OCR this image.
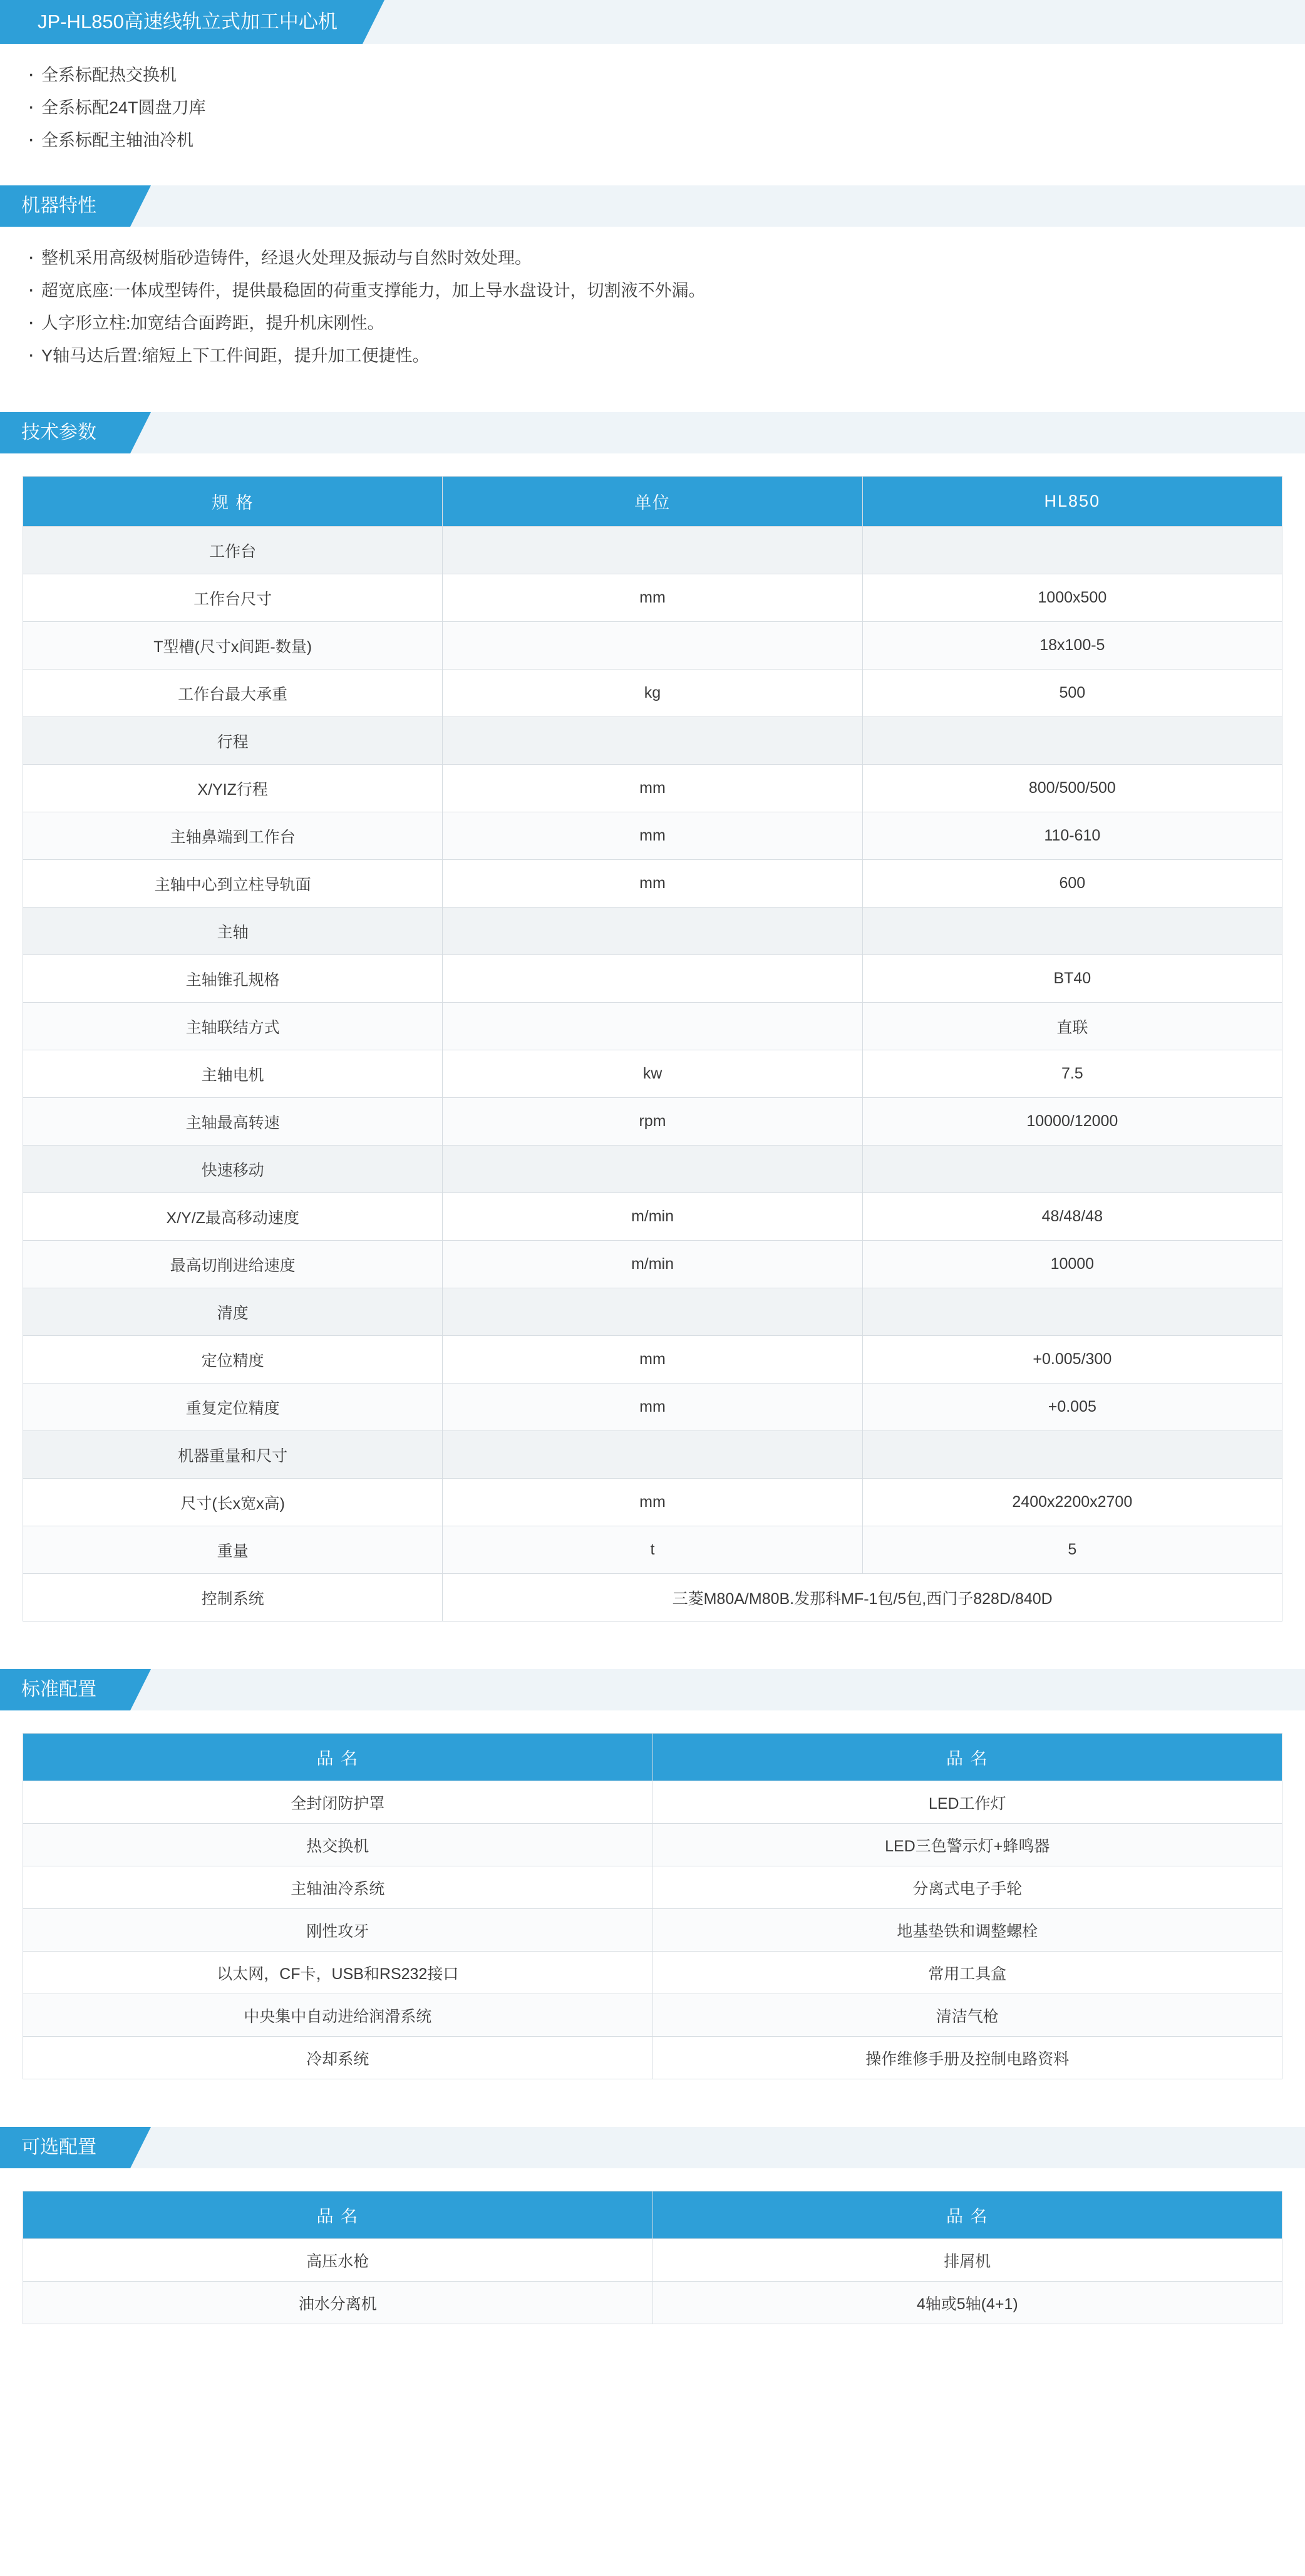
JP-HL850高速线轨立式加工中心机
· 全系标配热交换机
· 全系标配24T圆盘刀库
· 全系标配主轴油冷机
机器特性
· 整机采用高级树脂砂造铸件，经退火处理及振动与自然时效处理。
· 超宽底座:一体成型铸件，提供最稳固的荷重支撑能力，加上导水盘设计，切割液不外漏。
· 人字形立柱:加宽结合面跨距，提升机床刚性。
· Y轴马达后置:缩短上下工件间距，提升加工便捷性。
技术参数
规 格	单位	HL850
工作台		
工作台尺寸	mm	1000x500
T型槽(尺寸x间距-数量)		18x100-5
工作台最大承重	kg	500
行程		
X/YIZ行程	mm	800/500/500
主轴鼻端到工作台	mm	110-610
主轴中心到立柱导轨面	mm	600
主轴		
主轴锥孔规格		BT40
主轴联结方式		直联
主轴电机	kw	7.5
主轴最高转速	rpm	10000/12000
快速移动		
X/Y/Z最高移动速度	m/min	48/48/48
最高切削进给速度	m/min	10000
清度		
定位精度	mm	+0.005/300
重复定位精度	mm	+0.005
机器重量和尺寸		
尺寸(长x宽x高)	mm	2400x2200x2700
重量	t	5
控制系统	三菱M80A/M80B.发那科MF-1包/5包,西门子828D/840D	
标准配置
品 名	品 名
全封闭防护罩	LED工作灯
热交换机	LED三色警示灯+蜂鸣器
主轴油冷系统	分离式电子手轮
刚性攻牙	地基垫铁和调整螺栓
以太网，CF卡，USB和RS232接口	常用工具盒
中央集中自动进给润滑系统	清洁气枪
冷却系统	操作维修手册及控制电路资料
可选配置
品 名	品 名
高压水枪	排屑机
油水分离机	4轴或5轴(4+1)
